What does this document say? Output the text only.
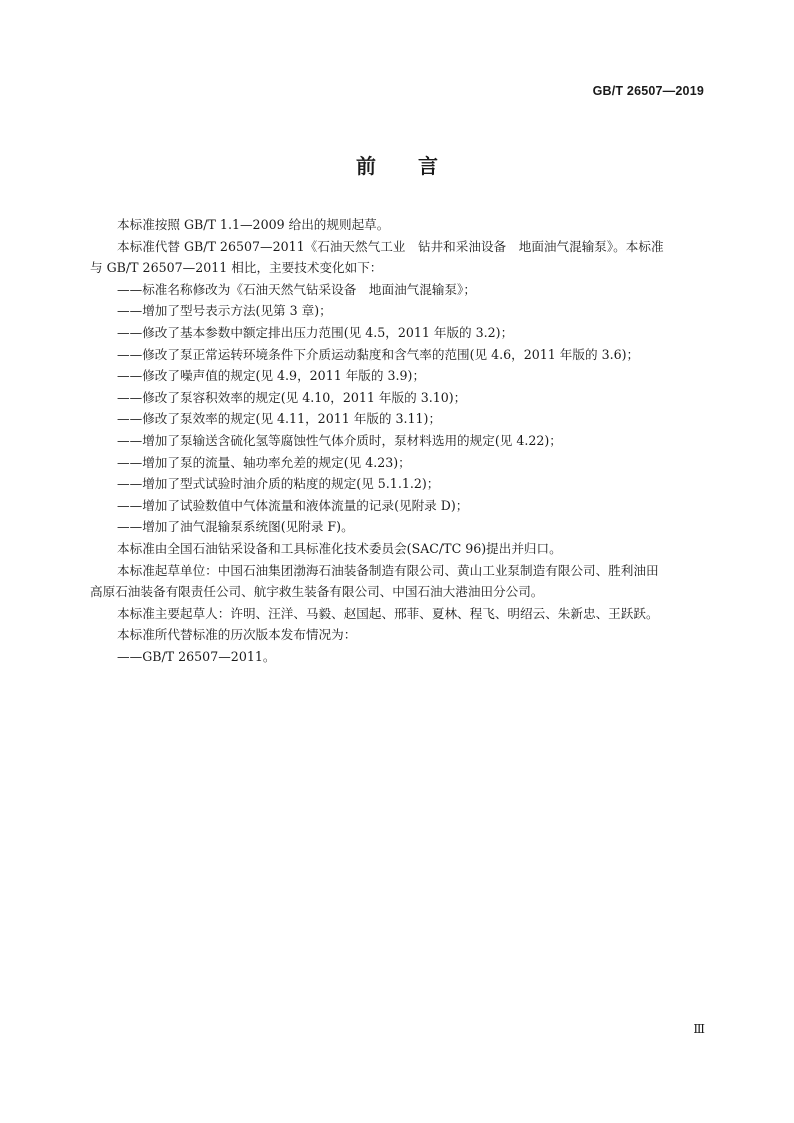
GB/T 26507—2019
前言

本标准按照 GB/T 1.1—2009 给出的规则起草。

本标准代替 GB/T 26507—2011《石油天然气工业　钻井和采油设备　地面油气混输泵》。本标准

与 GB/T 26507—2011 相比，主要技术变化如下：

——标准名称修改为《石油天然气钻采设备　地面油气混输泵》；

——增加了型号表示方法(见第 3 章)；

——修改了基本参数中额定排出压力范围(见 4.5，2011 年版的 3.2)；

——修改了泵正常运转环境条件下介质运动黏度和含气率的范围(见 4.6，2011 年版的 3.6)；

——修改了噪声值的规定(见 4.9，2011 年版的 3.9)；

——修改了泵容积效率的规定(见 4.10，2011 年版的 3.10)；

——修改了泵效率的规定(见 4.11，2011 年版的 3.11)；

——增加了泵输送含硫化氢等腐蚀性气体介质时，泵材料选用的规定(见 4.22)；

——增加了泵的流量、轴功率允差的规定(见 4.23)；

——增加了型式试验时油介质的粘度的规定(见 5.1.1.2)；

——增加了试验数值中气体流量和液体流量的记录(见附录 D)；

——增加了油气混输泵系统图(见附录 F)。

本标准由全国石油钻采设备和工具标准化技术委员会(SAC/TC 96)提出并归口。

本标准起草单位：中国石油集团渤海石油装备制造有限公司、黄山工业泵制造有限公司、胜利油田

高原石油装备有限责任公司、航宇救生装备有限公司、中国石油大港油田分公司。

本标准主要起草人：许明、汪洋、马毅、赵国起、邢菲、夏林、程飞、明绍云、朱新忠、王跃跃。

本标准所代替标准的历次版本发布情况为：

——GB/T 26507—2011。

Ⅲ
